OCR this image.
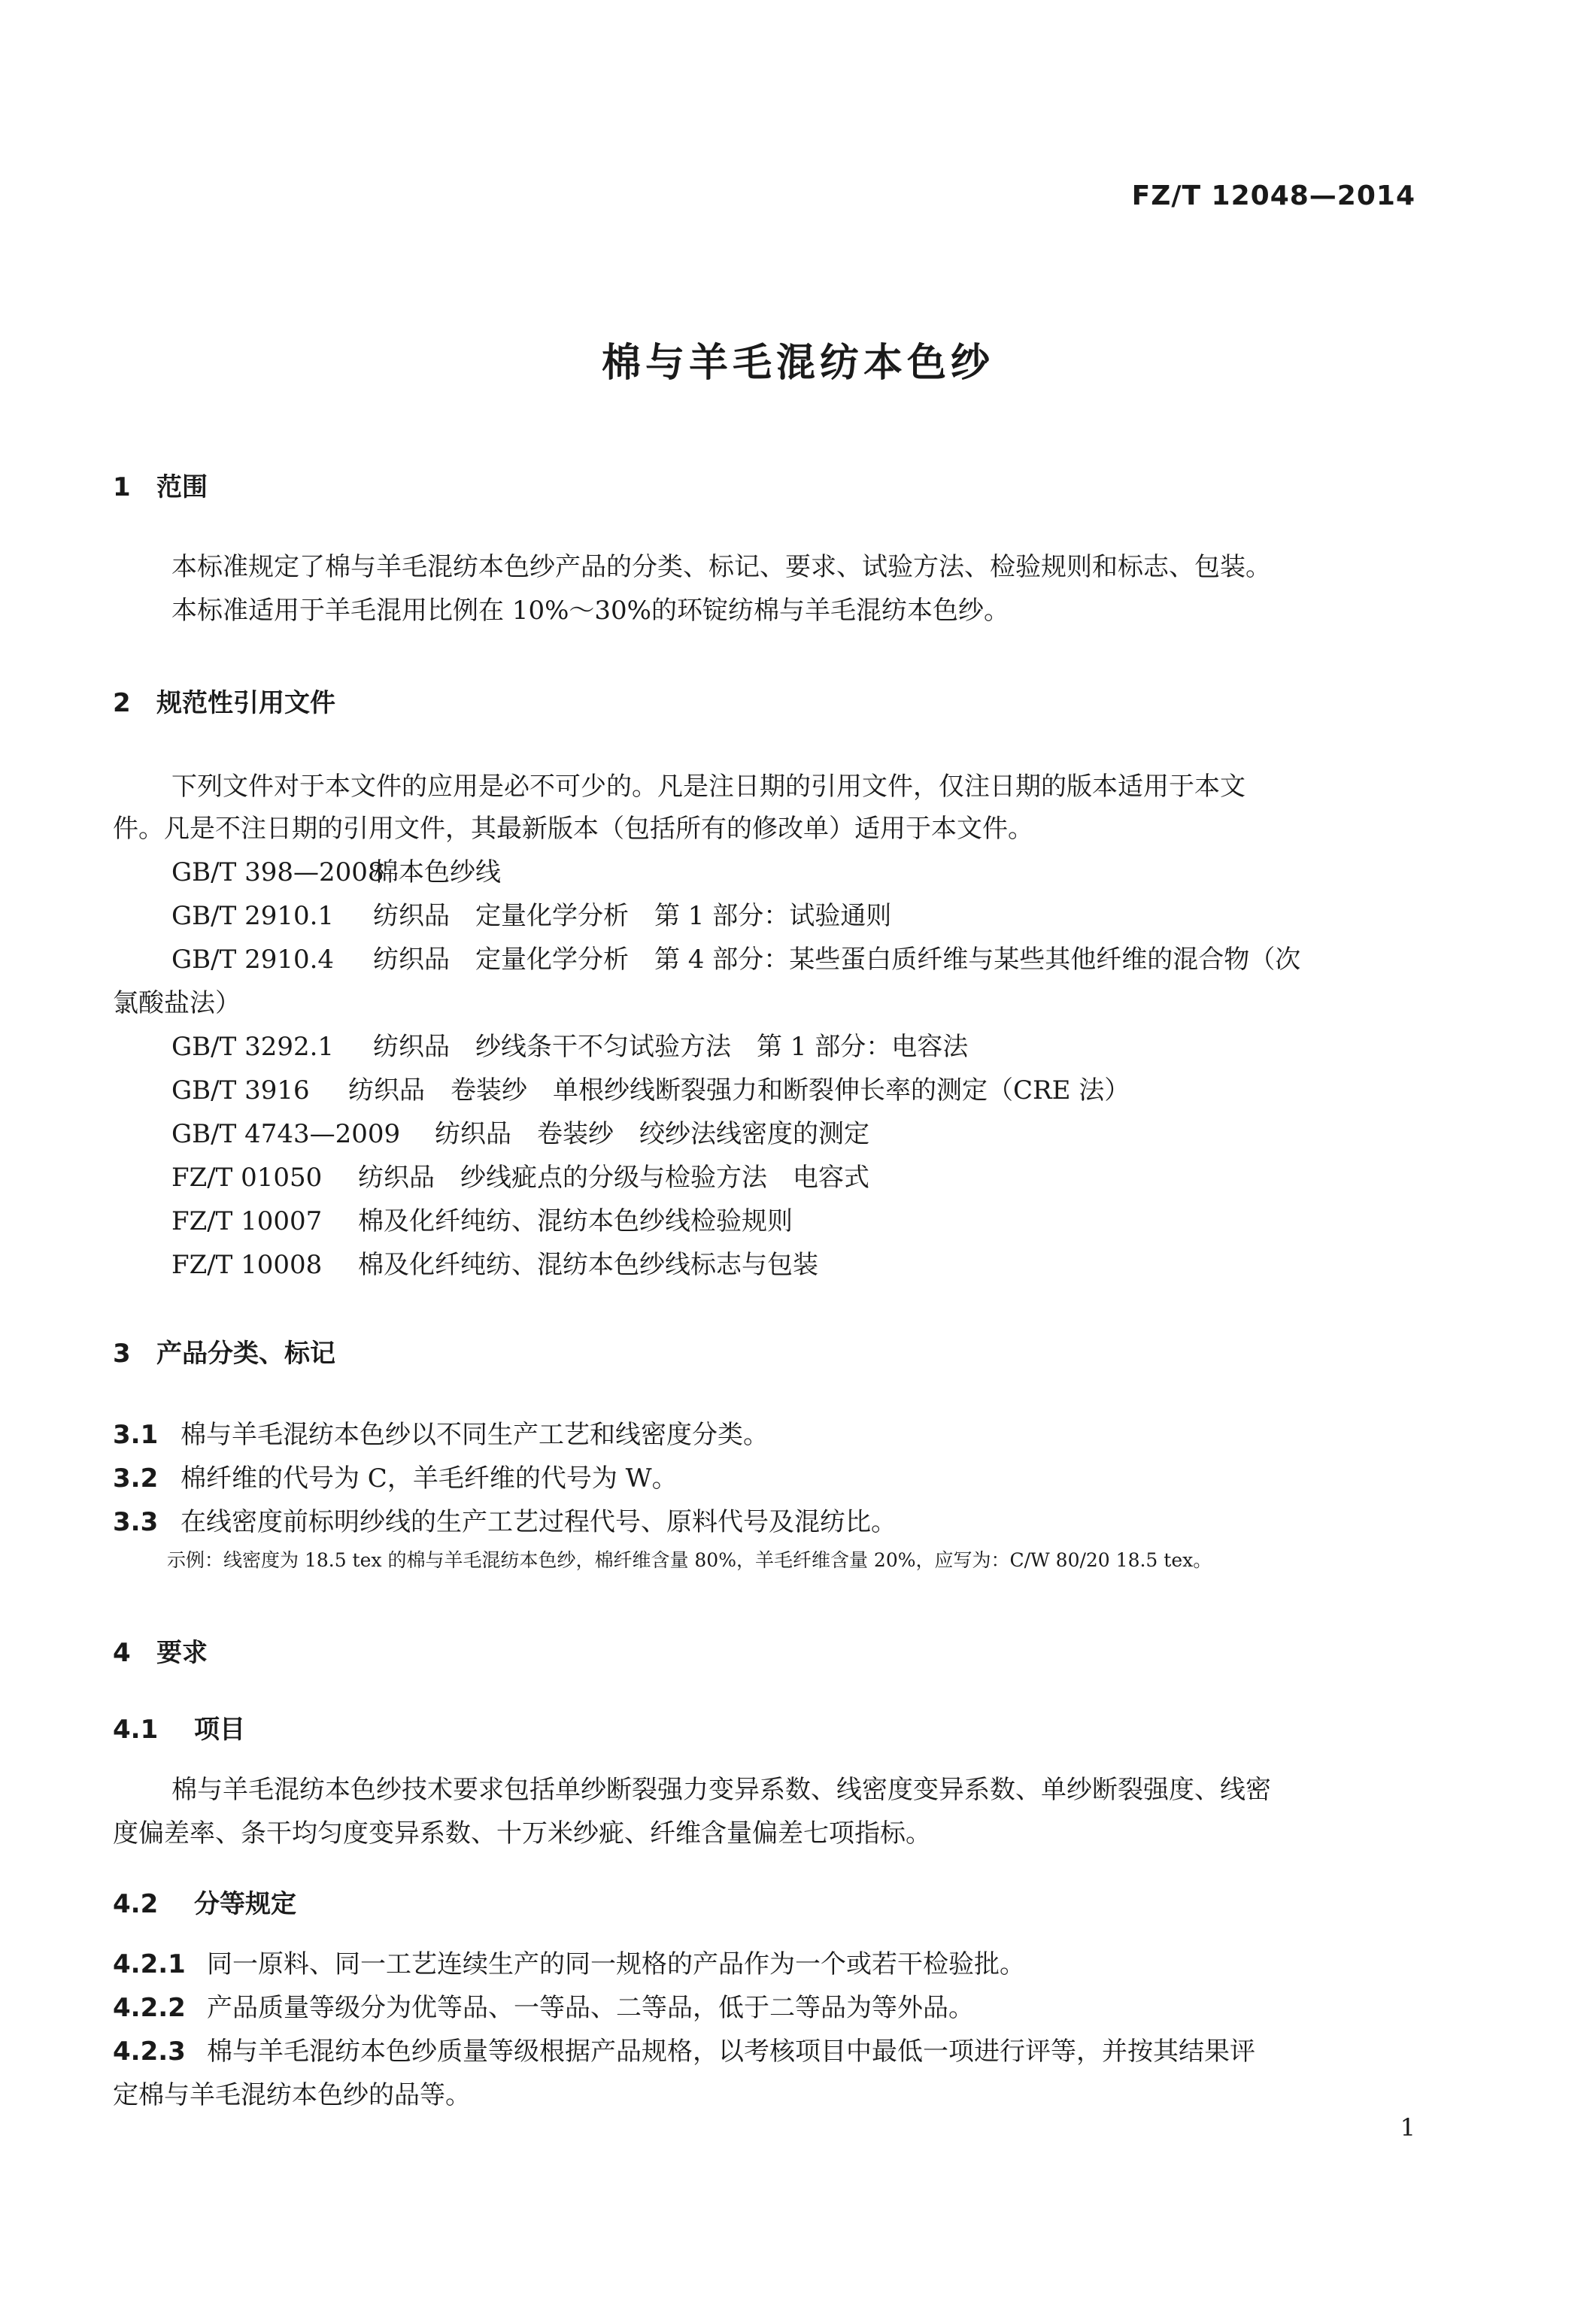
FZ/T 12048—2014
棉与羊毛混纺本色纱
1 范围
本标准规定了棉与羊毛混纺本色纱产品的分类、标记、要求、试验方法、检验规则和标志、包装。
本标准适用于羊毛混用比例在 10%～30%的环锭纺棉与羊毛混纺本色纱。
2 规范性引用文件
下列文件对于本文件的应用是必不可少的。凡是注日期的引用文件，仅注日期的版本适用于本文
件。凡是不注日期的引用文件，其最新版本（包括所有的修改单）适用于本文件。
GB/T 398—2008棉本色纱线
GB/T 2910.1 纺织品　定量化学分析　第 1 部分：试验通则
GB/T 2910.4 纺织品　定量化学分析　第 4 部分：某些蛋白质纤维与某些其他纤维的混合物（次
氯酸盐法）
GB/T 3292.1 纺织品　纱线条干不匀试验方法　第 1 部分：电容法
GB/T 3916 纺织品　卷装纱　单根纱线断裂强力和断裂伸长率的测定（CRE 法）
GB/T 4743—2009 纺织品　卷装纱　绞纱法线密度的测定
FZ/T 01050 纺织品　纱线疵点的分级与检验方法　电容式
FZ/T 10007 棉及化纤纯纺、混纺本色纱线检验规则
FZ/T 10008 棉及化纤纯纺、混纺本色纱线标志与包装
3 产品分类、标记
3.1 棉与羊毛混纺本色纱以不同生产工艺和线密度分类。
3.2 棉纤维的代号为 C，羊毛纤维的代号为 W。
3.3 在线密度前标明纱线的生产工艺过程代号、原料代号及混纺比。
示例：线密度为 18.5 tex 的棉与羊毛混纺本色纱，棉纤维含量 80%，羊毛纤维含量 20%，应写为：C/W 80/20 18.5 tex。
4 要求
4.1 项目
棉与羊毛混纺本色纱技术要求包括单纱断裂强力变异系数、线密度变异系数、单纱断裂强度、线密
度偏差率、条干均匀度变异系数、十万米纱疵、纤维含量偏差七项指标。
4.2 分等规定
4.2.1 同一原料、同一工艺连续生产的同一规格的产品作为一个或若干检验批。
4.2.2 产品质量等级分为优等品、一等品、二等品，低于二等品为等外品。
4.2.3 棉与羊毛混纺本色纱质量等级根据产品规格，以考核项目中最低一项进行评等，并按其结果评
定棉与羊毛混纺本色纱的品等。
1
